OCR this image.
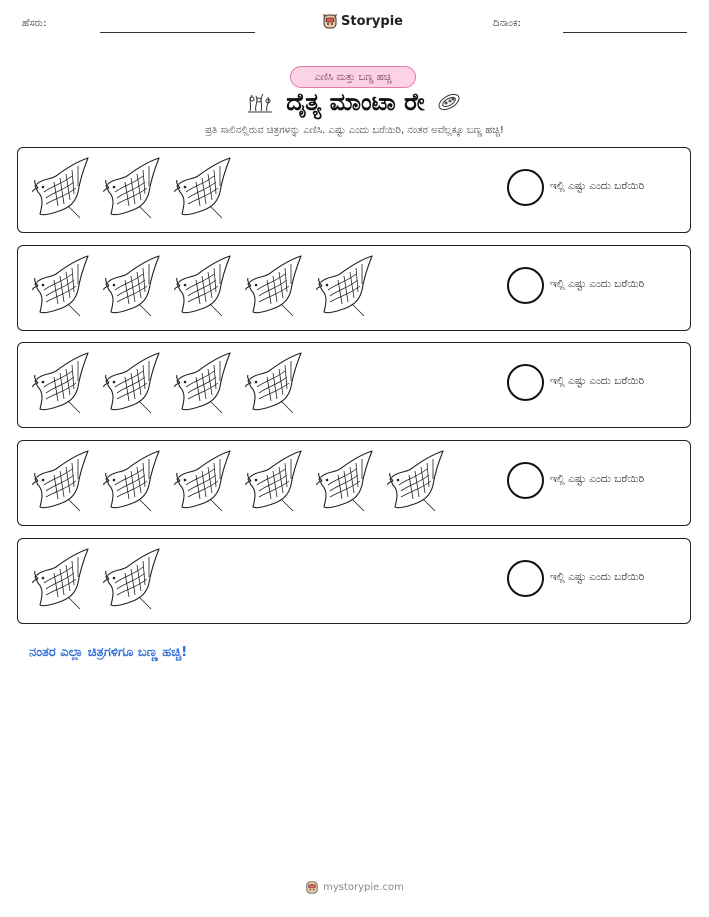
ಹೆಸರು:	Storypie	ದಿನಾಂಕ:
ಎಣಿಸಿ ಮತ್ತು ಬಣ್ಣ ಹಚ್ಚಿ
ದೈತ್ಯ ಮಾಂಟಾ ರೇ
ಪ್ರತಿ ಸಾಲಿನಲ್ಲಿರುವ ಚಿತ್ರಗಳನ್ನು ಎಣಿಸಿ. ಎಷ್ಟು ಎಂದು ಬರೆಯಿರಿ, ನಂತರ ಅವೆಲ್ಲಕ್ಕೂ ಬಣ್ಣ ಹಚ್ಚಿ!
ಇಲ್ಲಿ ಎಷ್ಟು ಎಂದು ಬರೆಯಿರಿ
ಇಲ್ಲಿ ಎಷ್ಟು ಎಂದು ಬರೆಯಿರಿ
ಇಲ್ಲಿ ಎಷ್ಟು ಎಂದು ಬರೆಯಿರಿ
ಇಲ್ಲಿ ಎಷ್ಟು ಎಂದು ಬರೆಯಿರಿ
ಇಲ್ಲಿ ಎಷ್ಟು ಎಂದು ಬರೆಯಿರಿ
ನಂತರ ಎಲ್ಲಾ ಚಿತ್ರಗಳಿಗೂ ಬಣ್ಣ ಹಚ್ಚಿ!
mystorypie.com
